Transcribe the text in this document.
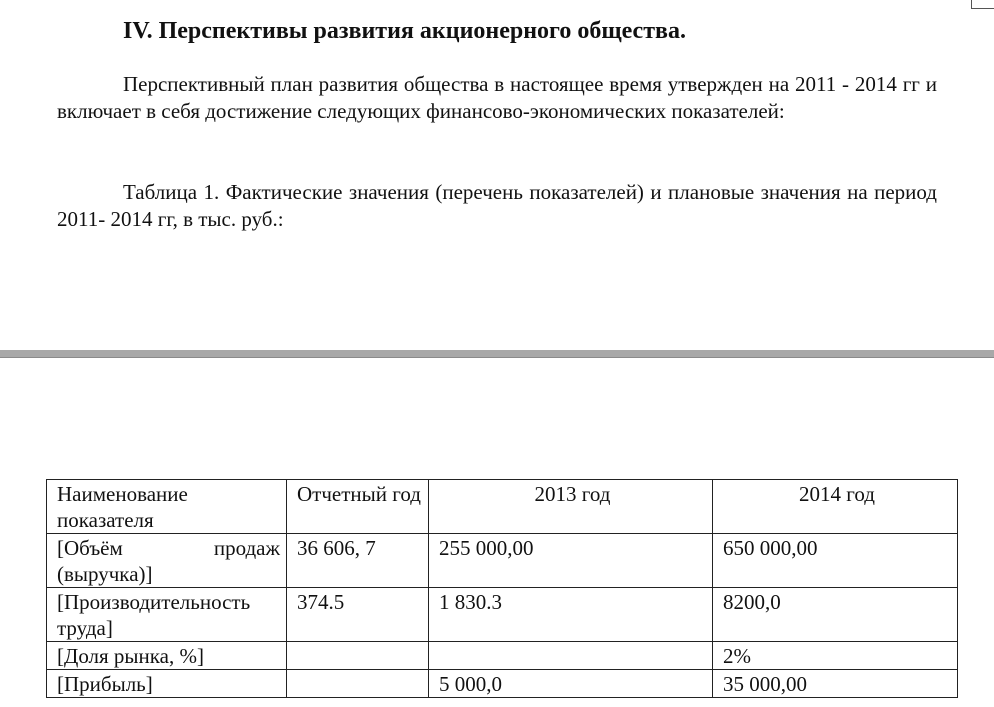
IV. Перспективы развития акционерного общества.

Перспективный план развития общества в настоящее время утвержден на 2011 - 2014 гг и включает в себя достижение следующих финансово-экономических показателей:

Таблица 1. Фактические значения (перечень показателей) и плановые значения на период 2011- 2014 гг, в тыс. руб.:

Наименование показателя	Отчетный год	2013 год	2014 год
[Объём продаж (выручка)]	36 606, 7	255 000,00	650 000,00
[Производительность труда]	374.5	1 830.3	8200,0
[Доля рынка, %]			2%
[Прибыль]		5 000,0	35 000,00
